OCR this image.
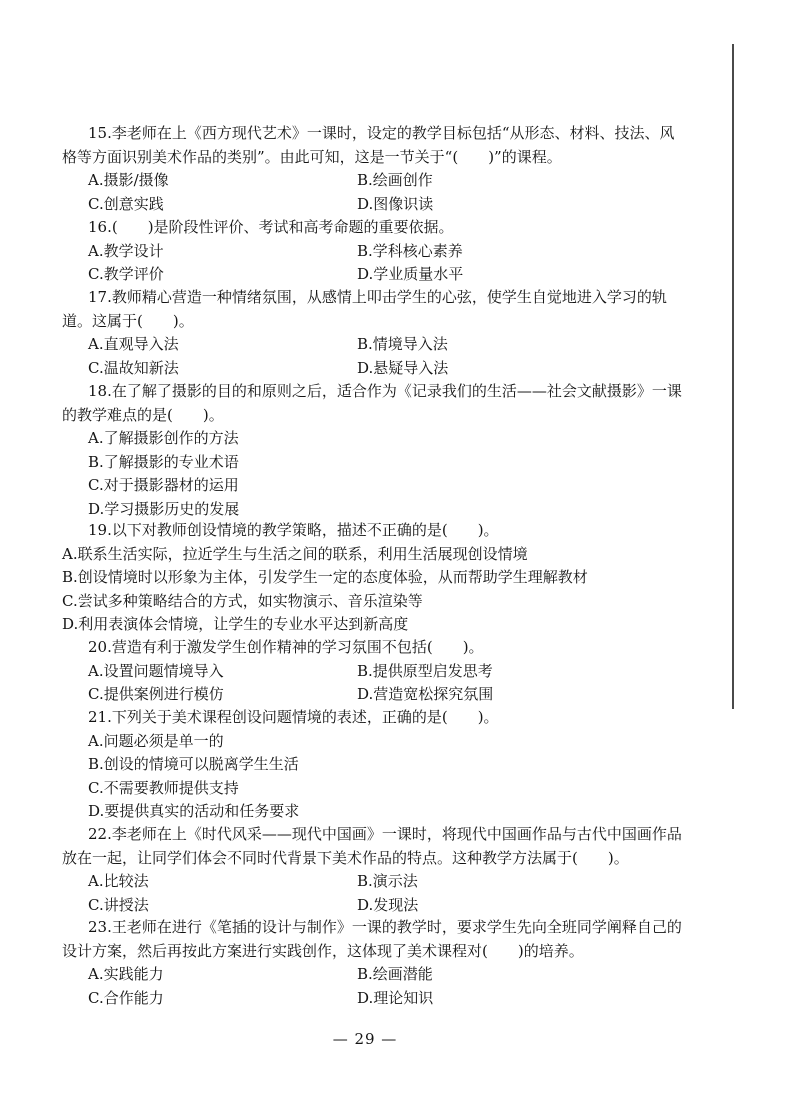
15.李老师在上《西方现代艺术》一课时，设定的教学目标包括“从形态、材料、技法、风格等方面识别美术作品的类别”。由此可知，这是一节关于“(　　)”的课程。

A.摄影/摄像	B.绘画创作
C.创意实践	D.图像识读

16.(　　)是阶段性评价、考试和高考命题的重要依据。

A.教学设计	B.学科核心素养
C.教学评价	D.学业质量水平

17.教师精心营造一种情绪氛围，从感情上叩击学生的心弦，使学生自觉地进入学习的轨道。这属于(　　)。

A.直观导入法	B.情境导入法
C.温故知新法	D.悬疑导入法

18.在了解了摄影的目的和原则之后，适合作为《记录我们的生活——社会文献摄影》一课的教学难点的是(　　)。

A.了解摄影创作的方法
B.了解摄影的专业术语
C.对于摄影器材的运用
D.学习摄影历史的发展

19.以下对教师创设情境的教学策略，描述不正确的是(　　)。

A.联系生活实际，拉近学生与生活之间的联系，利用生活展现创设情境
B.创设情境时以形象为主体，引发学生一定的态度体验，从而帮助学生理解教材
C.尝试多种策略结合的方式，如实物演示、音乐渲染等
D.利用表演体会情境，让学生的专业水平达到新高度

20.营造有利于激发学生创作精神的学习氛围不包括(　　)。

A.设置问题情境导入	B.提供原型启发思考
C.提供案例进行模仿	D.营造宽松探究氛围

21.下列关于美术课程创设问题情境的表述，正确的是(　　)。

A.问题必须是单一的
B.创设的情境可以脱离学生生活
C.不需要教师提供支持
D.要提供真实的活动和任务要求

22.李老师在上《时代风采——现代中国画》一课时，将现代中国画作品与古代中国画作品放在一起，让同学们体会不同时代背景下美术作品的特点。这种教学方法属于(　　)。

A.比较法	B.演示法
C.讲授法	D.发现法

23.王老师在进行《笔插的设计与制作》一课的教学时，要求学生先向全班同学阐释自己的设计方案，然后再按此方案进行实践创作，这体现了美术课程对(　　)的培养。

A.实践能力	B.绘画潜能
C.合作能力	D.理论知识
— 29 —
